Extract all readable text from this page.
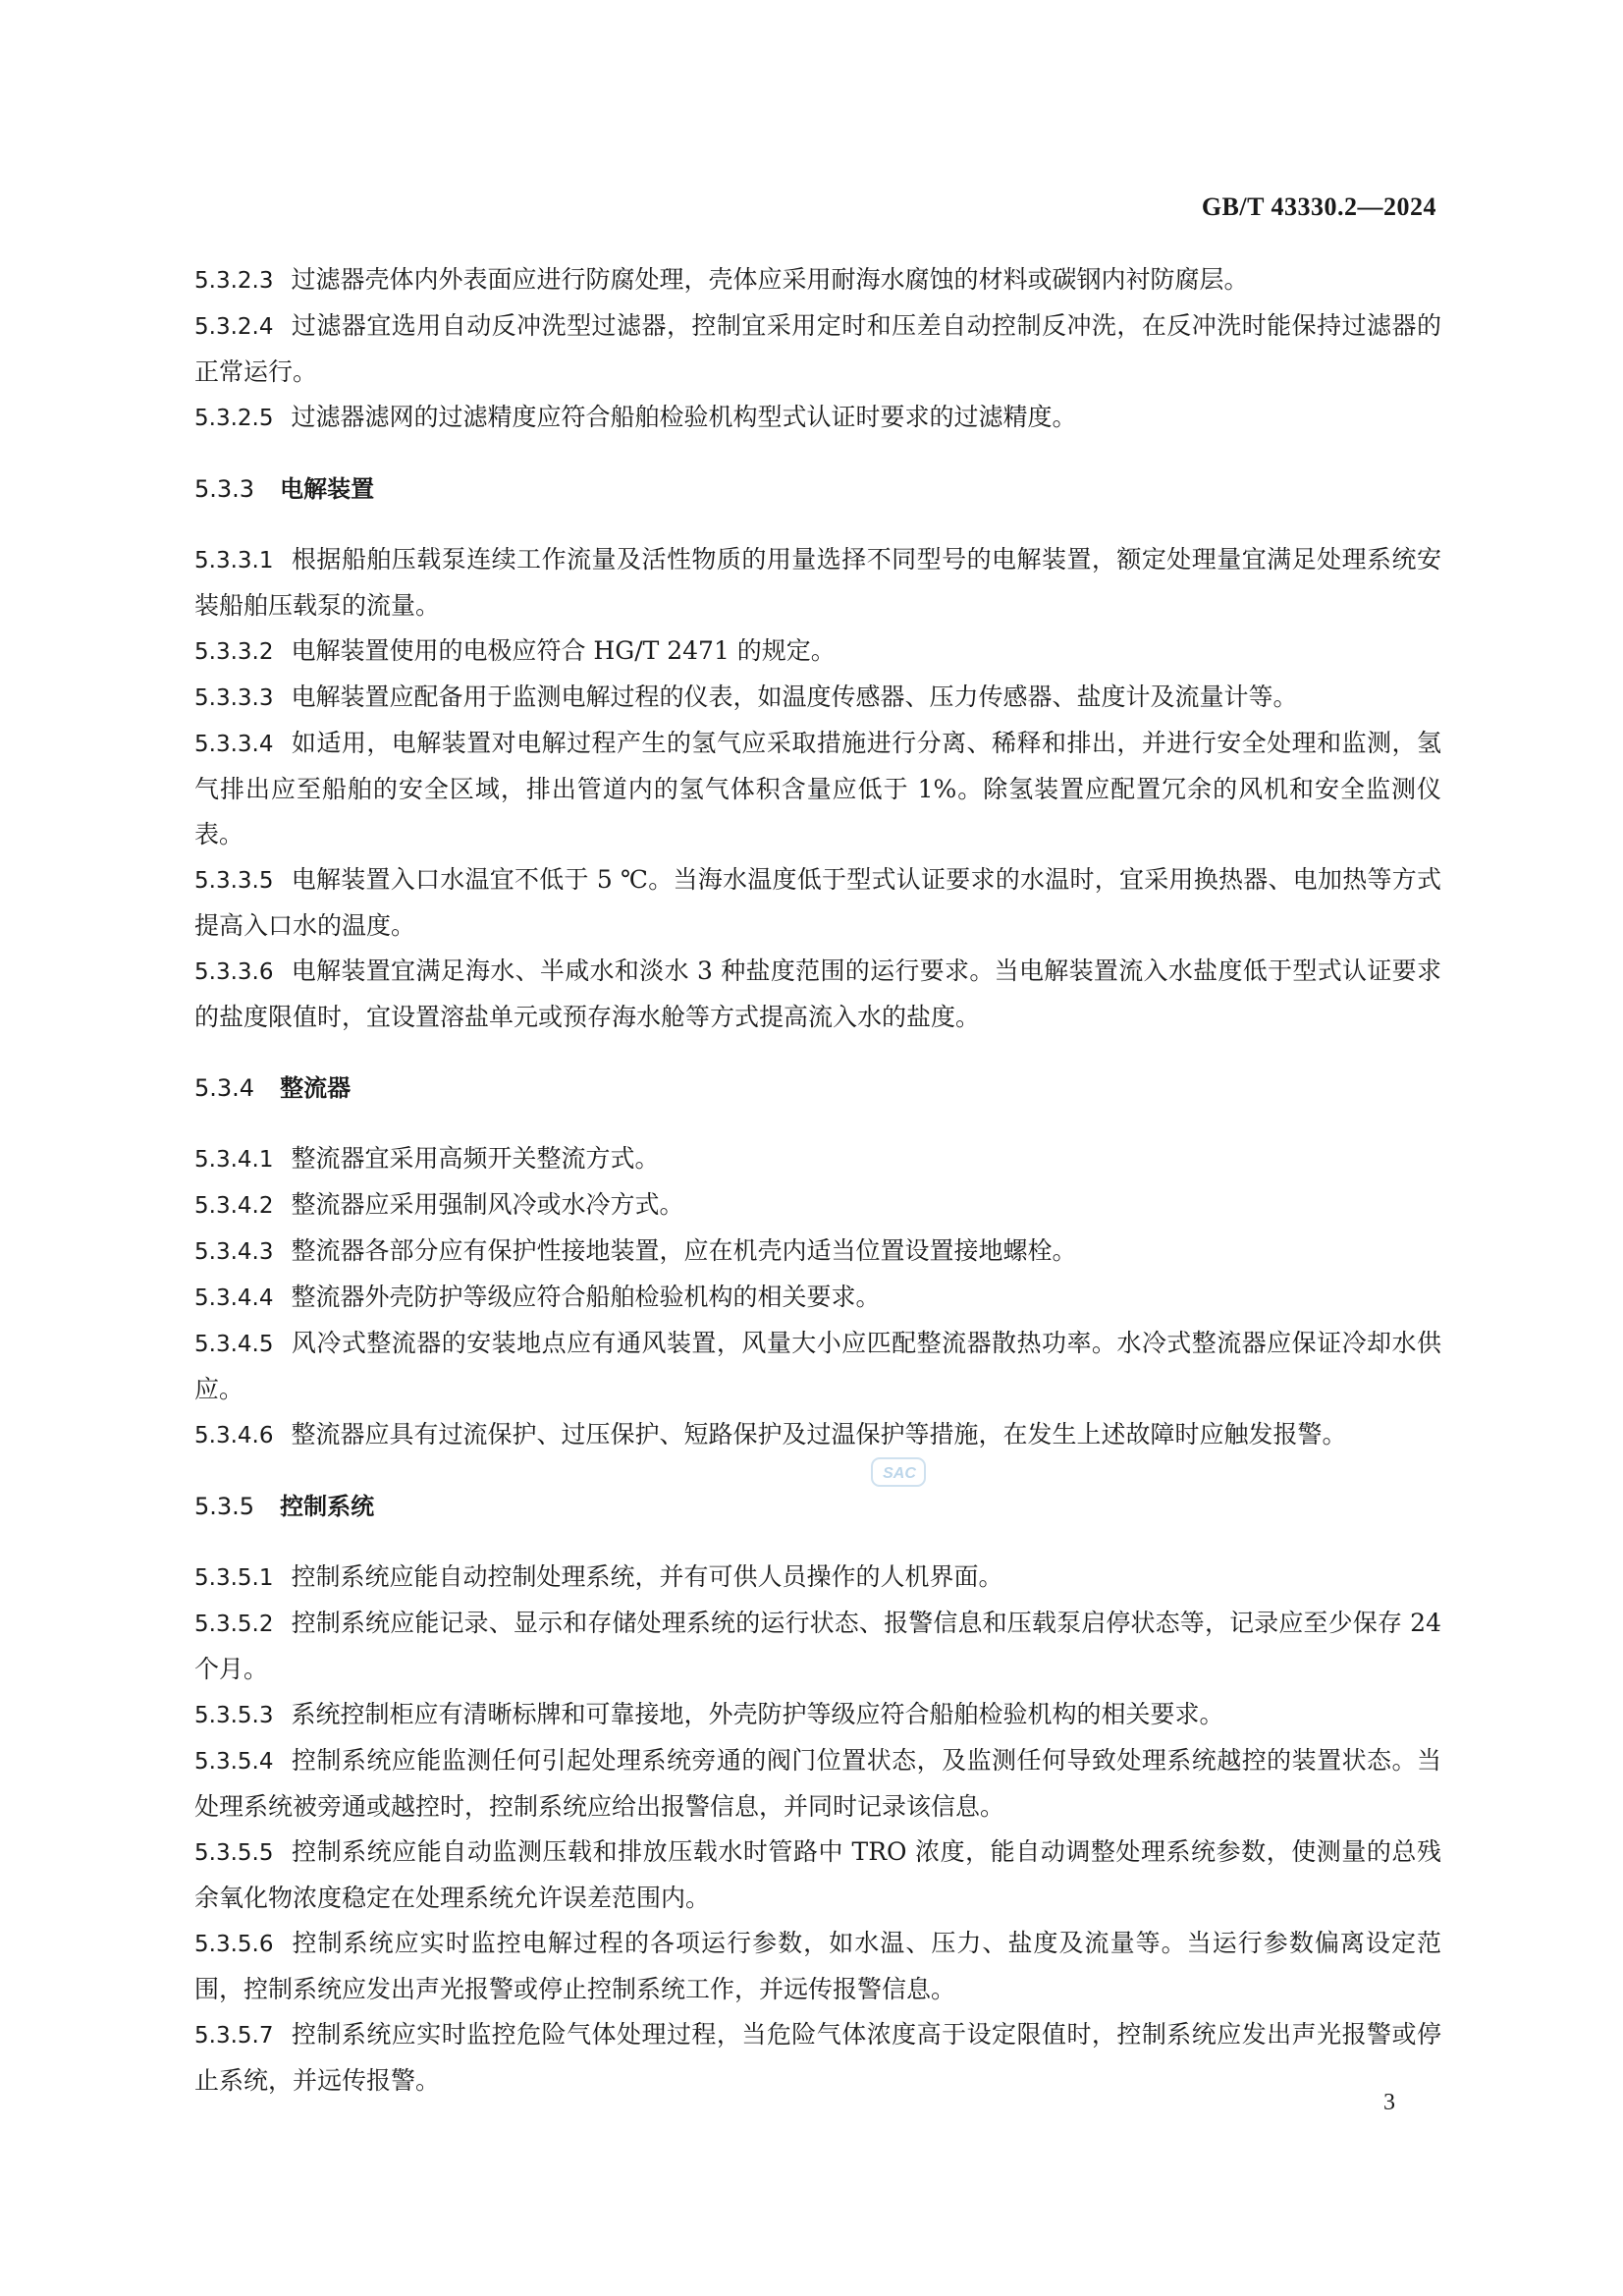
GB/T 43330.2—2024

5.3.2.3 过滤器壳体内外表面应进行防腐处理，壳体应采用耐海水腐蚀的材料或碳钢内衬防腐层。

5.3.2.4 过滤器宜选用自动反冲洗型过滤器，控制宜采用定时和压差自动控制反冲洗，在反冲洗时能保持过滤器的正常运行。

5.3.2.5 过滤器滤网的过滤精度应符合船舶检验机构型式认证时要求的过滤精度。

5.3.3 电解装置

5.3.3.1 根据船舶压载泵连续工作流量及活性物质的用量选择不同型号的电解装置，额定处理量宜满足处理系统安装船舶压载泵的流量。

5.3.3.2 电解装置使用的电极应符合 HG/T 2471 的规定。

5.3.3.3 电解装置应配备用于监测电解过程的仪表，如温度传感器、压力传感器、盐度计及流量计等。

5.3.3.4 如适用，电解装置对电解过程产生的氢气应采取措施进行分离、稀释和排出，并进行安全处理和监测，氢气排出应至船舶的安全区域，排出管道内的氢气体积含量应低于 1%。除氢装置应配置冗余的风机和安全监测仪表。

5.3.3.5 电解装置入口水温宜不低于 5 ℃。当海水温度低于型式认证要求的水温时，宜采用换热器、电加热等方式提高入口水的温度。

5.3.3.6 电解装置宜满足海水、半咸水和淡水 3 种盐度范围的运行要求。当电解装置流入水盐度低于型式认证要求的盐度限值时，宜设置溶盐单元或预存海水舱等方式提高流入水的盐度。

5.3.4 整流器

5.3.4.1 整流器宜采用高频开关整流方式。

5.3.4.2 整流器应采用强制风冷或水冷方式。

5.3.4.3 整流器各部分应有保护性接地装置，应在机壳内适当位置设置接地螺栓。

5.3.4.4 整流器外壳防护等级应符合船舶检验机构的相关要求。

5.3.4.5 风冷式整流器的安装地点应有通风装置，风量大小应匹配整流器散热功率。水冷式整流器应保证冷却水供应。

5.3.4.6 整流器应具有过流保护、过压保护、短路保护及过温保护等措施，在发生上述故障时应触发报警。

5.3.5 控制系统

5.3.5.1 控制系统应能自动控制处理系统，并有可供人员操作的人机界面。

5.3.5.2 控制系统应能记录、显示和存储处理系统的运行状态、报警信息和压载泵启停状态等，记录应至少保存 24 个月。

5.3.5.3 系统控制柜应有清晰标牌和可靠接地，外壳防护等级应符合船舶检验机构的相关要求。

5.3.5.4 控制系统应能监测任何引起处理系统旁通的阀门位置状态，及监测任何导致处理系统越控的装置状态。当处理系统被旁通或越控时，控制系统应给出报警信息，并同时记录该信息。

5.3.5.5 控制系统应能自动监测压载和排放压载水时管路中 TRO 浓度，能自动调整处理系统参数，使测量的总残余氧化物浓度稳定在处理系统允许误差范围内。

5.3.5.6 控制系统应实时监控电解过程的各项运行参数，如水温、压力、盐度及流量等。当运行参数偏离设定范围，控制系统应发出声光报警或停止控制系统工作，并远传报警信息。

5.3.5.7 控制系统应实时监控危险气体处理过程，当危险气体浓度高于设定限值时，控制系统应发出声光报警或停止系统，并远传报警。

SAC
3
